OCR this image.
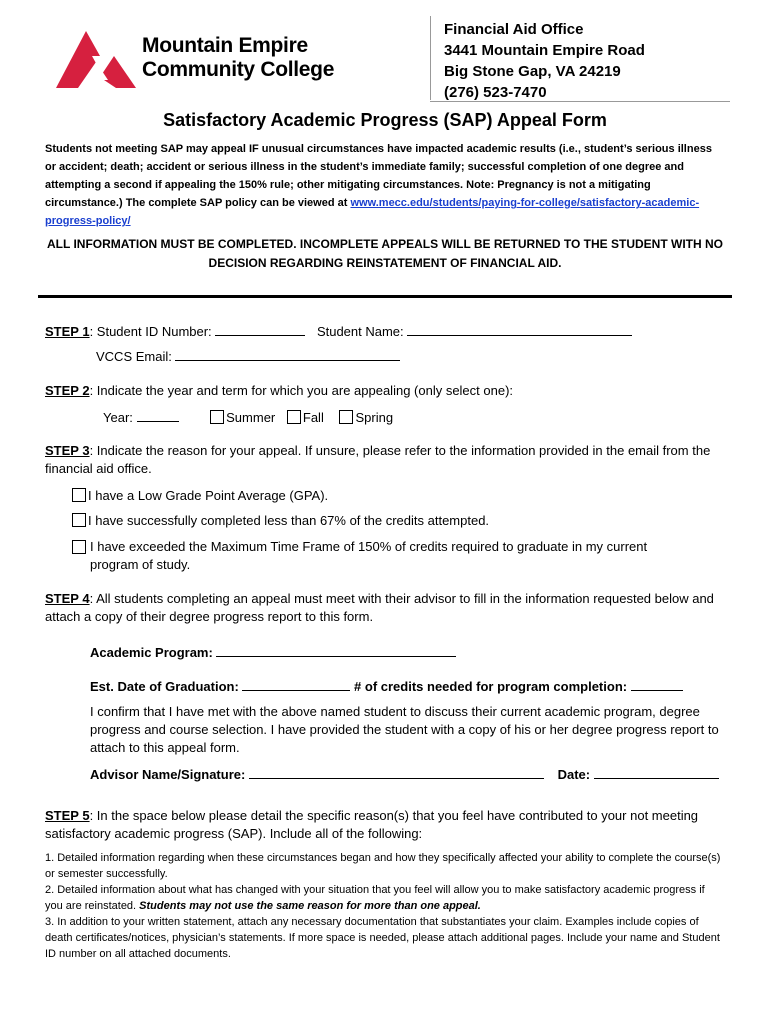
Mountain Empire
Community College
Financial Aid Office
3441 Mountain Empire Road
Big Stone Gap, VA 24219
(276) 523-7470
Satisfactory Academic Progress (SAP) Appeal Form
Students not meeting SAP may appeal IF unusual circumstances have impacted academic results (i.e., student’s serious illness or accident; death; accident or serious illness in the student’s immediate family; successful completion of one degree and attempting a second if appealing the 150% rule; other mitigating circumstances. Note: Pregnancy is not a mitigating circumstance.) The complete SAP policy can be viewed at www.mecc.edu/students/paying-for-college/satisfactory-academic-progress-policy/
ALL INFORMATION MUST BE COMPLETED. INCOMPLETE APPEALS WILL BE RETURNED TO THE STUDENT WITH NO DECISION REGARDING REINSTATEMENT OF FINANCIAL AID.
STEP 1: Student ID Number:	Student Name:
VCCS Email:
STEP 2: Indicate the year and term for which you are appealing (only select one):
Year:	Summer Fall Spring
STEP 3: Indicate the reason for your appeal. If unsure, please refer to the information provided in the email from the financial aid office.
I have a Low Grade Point Average (GPA).
I have successfully completed less than 67% of the credits attempted.
I have exceeded the Maximum Time Frame of 150% of credits required to graduate in my current program of study.
STEP 4: All students completing an appeal must meet with their advisor to fill in the information requested below and attach a copy of their degree progress report to this form.
Academic Program:
Est. Date of Graduation:	# of credits needed for program completion:
I confirm that I have met with the above named student to discuss their current academic program, degree progress and course selection. I have provided the student with a copy of his or her degree progress report to attach to this appeal form.
Advisor Name/Signature:	Date:
STEP 5: In the space below please detail the specific reason(s) that you feel have contributed to your not meeting satisfactory academic progress (SAP). Include all of the following:
1. Detailed information regarding when these circumstances began and how they specifically affected your ability to complete the course(s) or semester successfully.
2. Detailed information about what has changed with your situation that you feel will allow you to make satisfactory academic progress if you are reinstated. Students may not use the same reason for more than one appeal.
3. In addition to your written statement, attach any necessary documentation that substantiates your claim. Examples include copies of death certificates/notices, physician’s statements. If more space is needed, please attach additional pages. Include your name and Student ID number on all attached documents.
